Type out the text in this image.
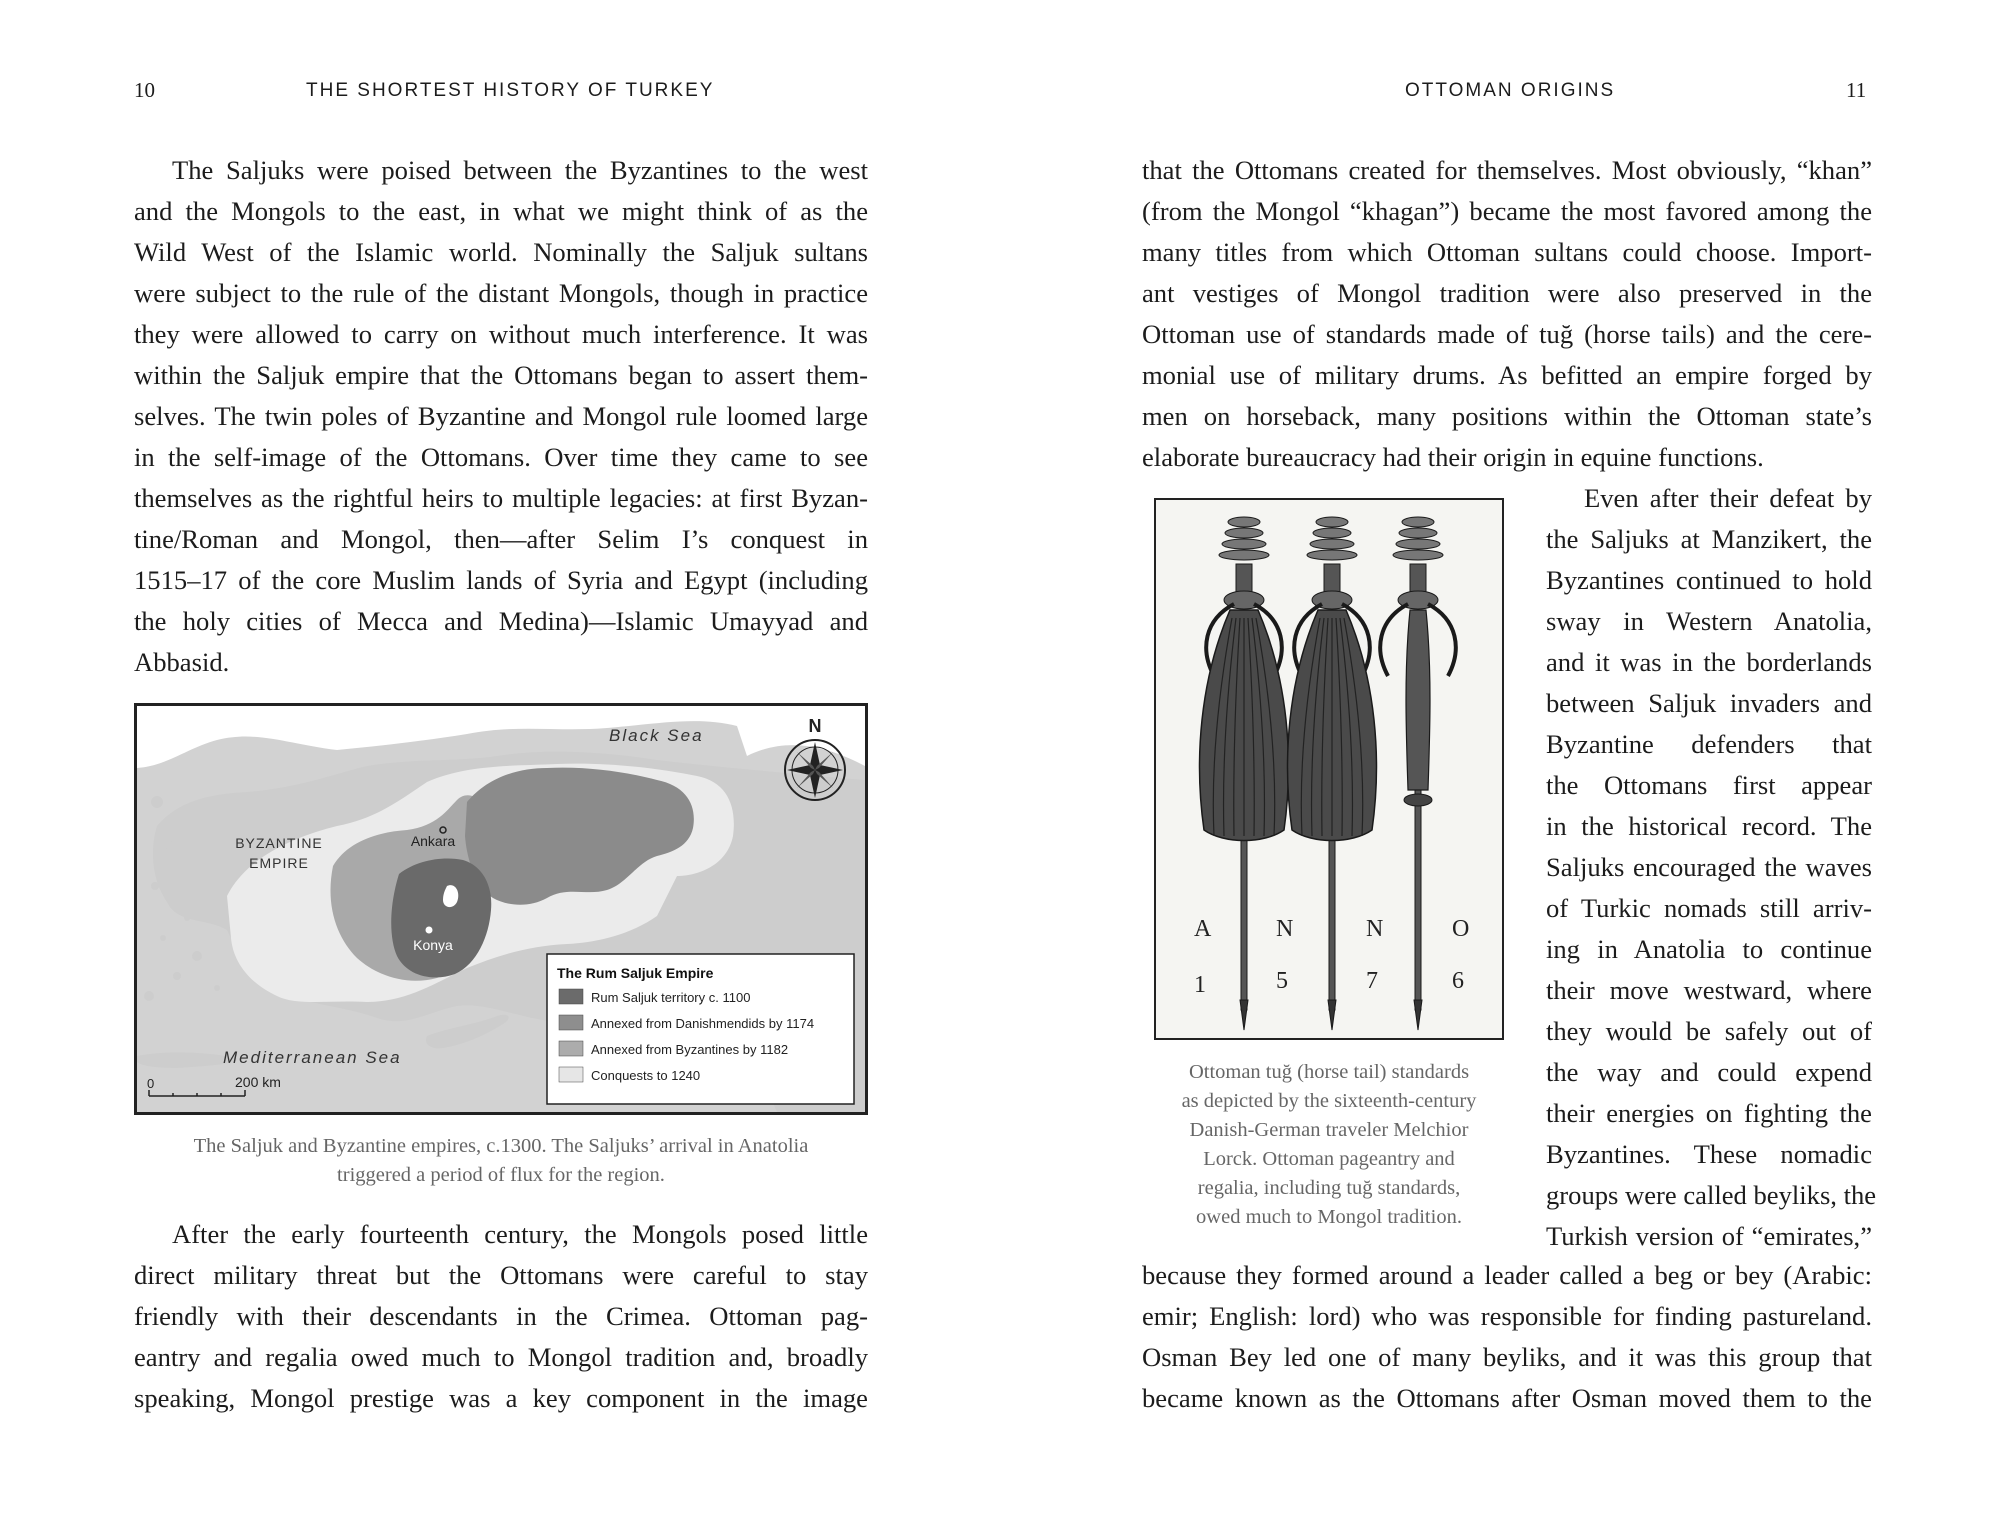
10	THE SHORTEST HISTORY OF TURKEY
The Saljuks were poised between the Byzantines to the west
and the Mongols to the east, in what we might think of as the
Wild West of the Islamic world. Nominally the Saljuk sultans
were subject to the rule of the distant Mongols, though in practice
they were allowed to carry on without much interference. It was
within the Saljuk empire that the Ottomans began to assert them-
selves. The twin poles of Byzantine and Mongol rule loomed large
in the self-image of the Ottomans. Over time they came to see
themselves as the rightful heirs to multiple legacies: at first Byzan-
tine/Roman and Mongol, then—after Selim I’s conquest in
1515–17 of the core Muslim lands of Syria and Egypt (including
the holy cities of Mecca and Medina)—Islamic Umayyad and
Abbasid.
N
Black Sea
Mediterranean Sea
BYZANTINE
EMPIRE
Ankara
Konya
0	200 km
The Rum Saljuk Empire
Rum Saljuk territory c. 1100
Annexed from Danishmendids by 1174
Annexed from Byzantines by 1182
Conquests to 1240
The Saljuk and Byzantine empires, c.1300. The Saljuks’ arrival in Anatolia
triggered a period of flux for the region.
After the early fourteenth century, the Mongols posed little
direct military threat but the Ottomans were careful to stay
friendly with their descendants in the Crimea. Ottoman pag-
eantry and regalia owed much to Mongol tradition and, broadly
speaking, Mongol prestige was a key component in the image
OTTOMAN ORIGINS	11
that the Ottomans created for themselves. Most obviously, “khan”
(from the Mongol “khagan”) became the most favored among the
many titles from which Ottoman sultans could choose. Import-
ant vestiges of Mongol tradition were also preserved in the
Ottoman use of standards made of tuğ (horse tails) and the cere-
monial use of military drums. As befitted an empire forged by
men on horseback, many positions within the Ottoman state’s
elaborate bureaucracy had their origin in equine functions.
A	N	N	O
1	5	7	6
Ottoman tuğ (horse tail) standards
as depicted by the sixteenth-century
Danish-German traveler Melchior
Lorck. Ottoman pageantry and
regalia, including tuğ standards,
owed much to Mongol tradition.
Even after their defeat by
the Saljuks at Manzikert, the
Byzantines continued to hold
sway in Western Anatolia,
and it was in the borderlands
between Saljuk invaders and
Byzantine defenders that
the Ottomans first appear
in the historical record. The
Saljuks encouraged the waves
of Turkic nomads still arriv-
ing in Anatolia to continue
their move westward, where
they would be safely out of
the way and could expend
their energies on fighting the
Byzantines. These nomadic
groups were called beyliks, the
Turkish version of “emirates,”
because they formed around a leader called a beg or bey (Arabic:
emir; English: lord) who was responsible for finding pastureland.
Osman Bey led one of many beyliks, and it was this group that
became known as the Ottomans after Osman moved them to the
